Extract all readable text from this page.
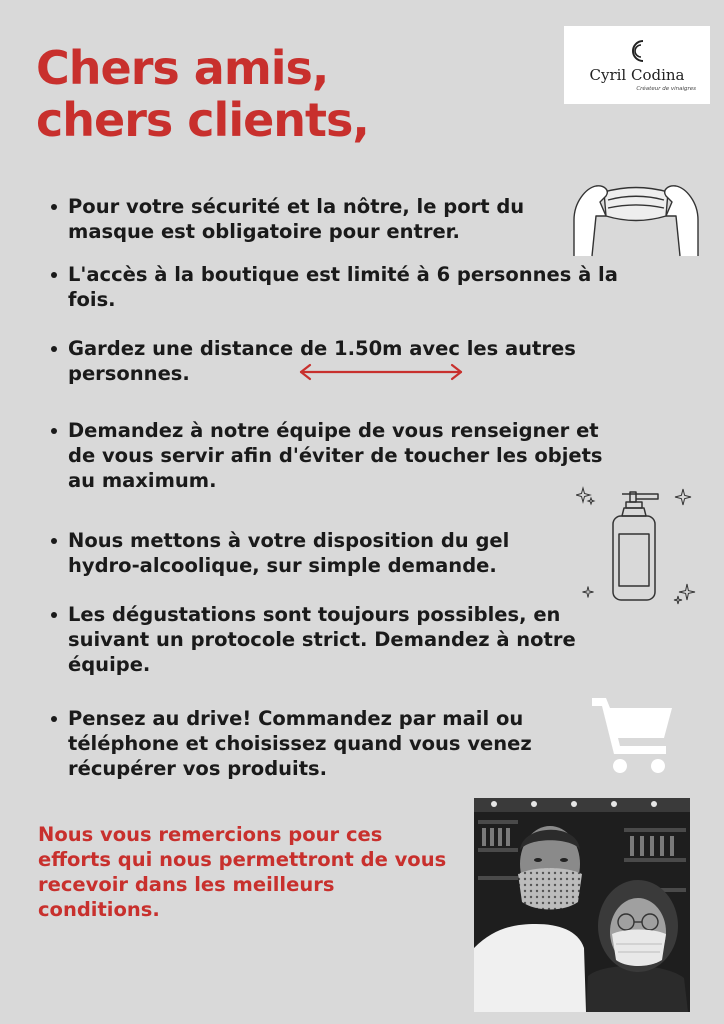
Chers amis,
chers clients,
Cyril Codina
Créateur de vinaigres
Pour votre sécurité et la nôtre, le port du masque est obligatoire pour entrer.
L'accès à la boutique est limité à 6 personnes à la fois.
Gardez une distance de 1.50m avec les autres personnes.
Demandez à notre équipe de vous renseigner et de vous servir afin d'éviter de toucher les objets au maximum.
Nous mettons à votre disposition du gel hydro-alcoolique, sur simple demande.
Les dégustations sont toujours possibles, en suivant un protocole strict. Demandez à notre équipe.
Pensez au drive! Commandez par mail ou téléphone et choisissez quand vous venez récupérer vos produits.

Nous vous remercions pour ces efforts qui nous permettront de vous recevoir dans les meilleurs conditions.
